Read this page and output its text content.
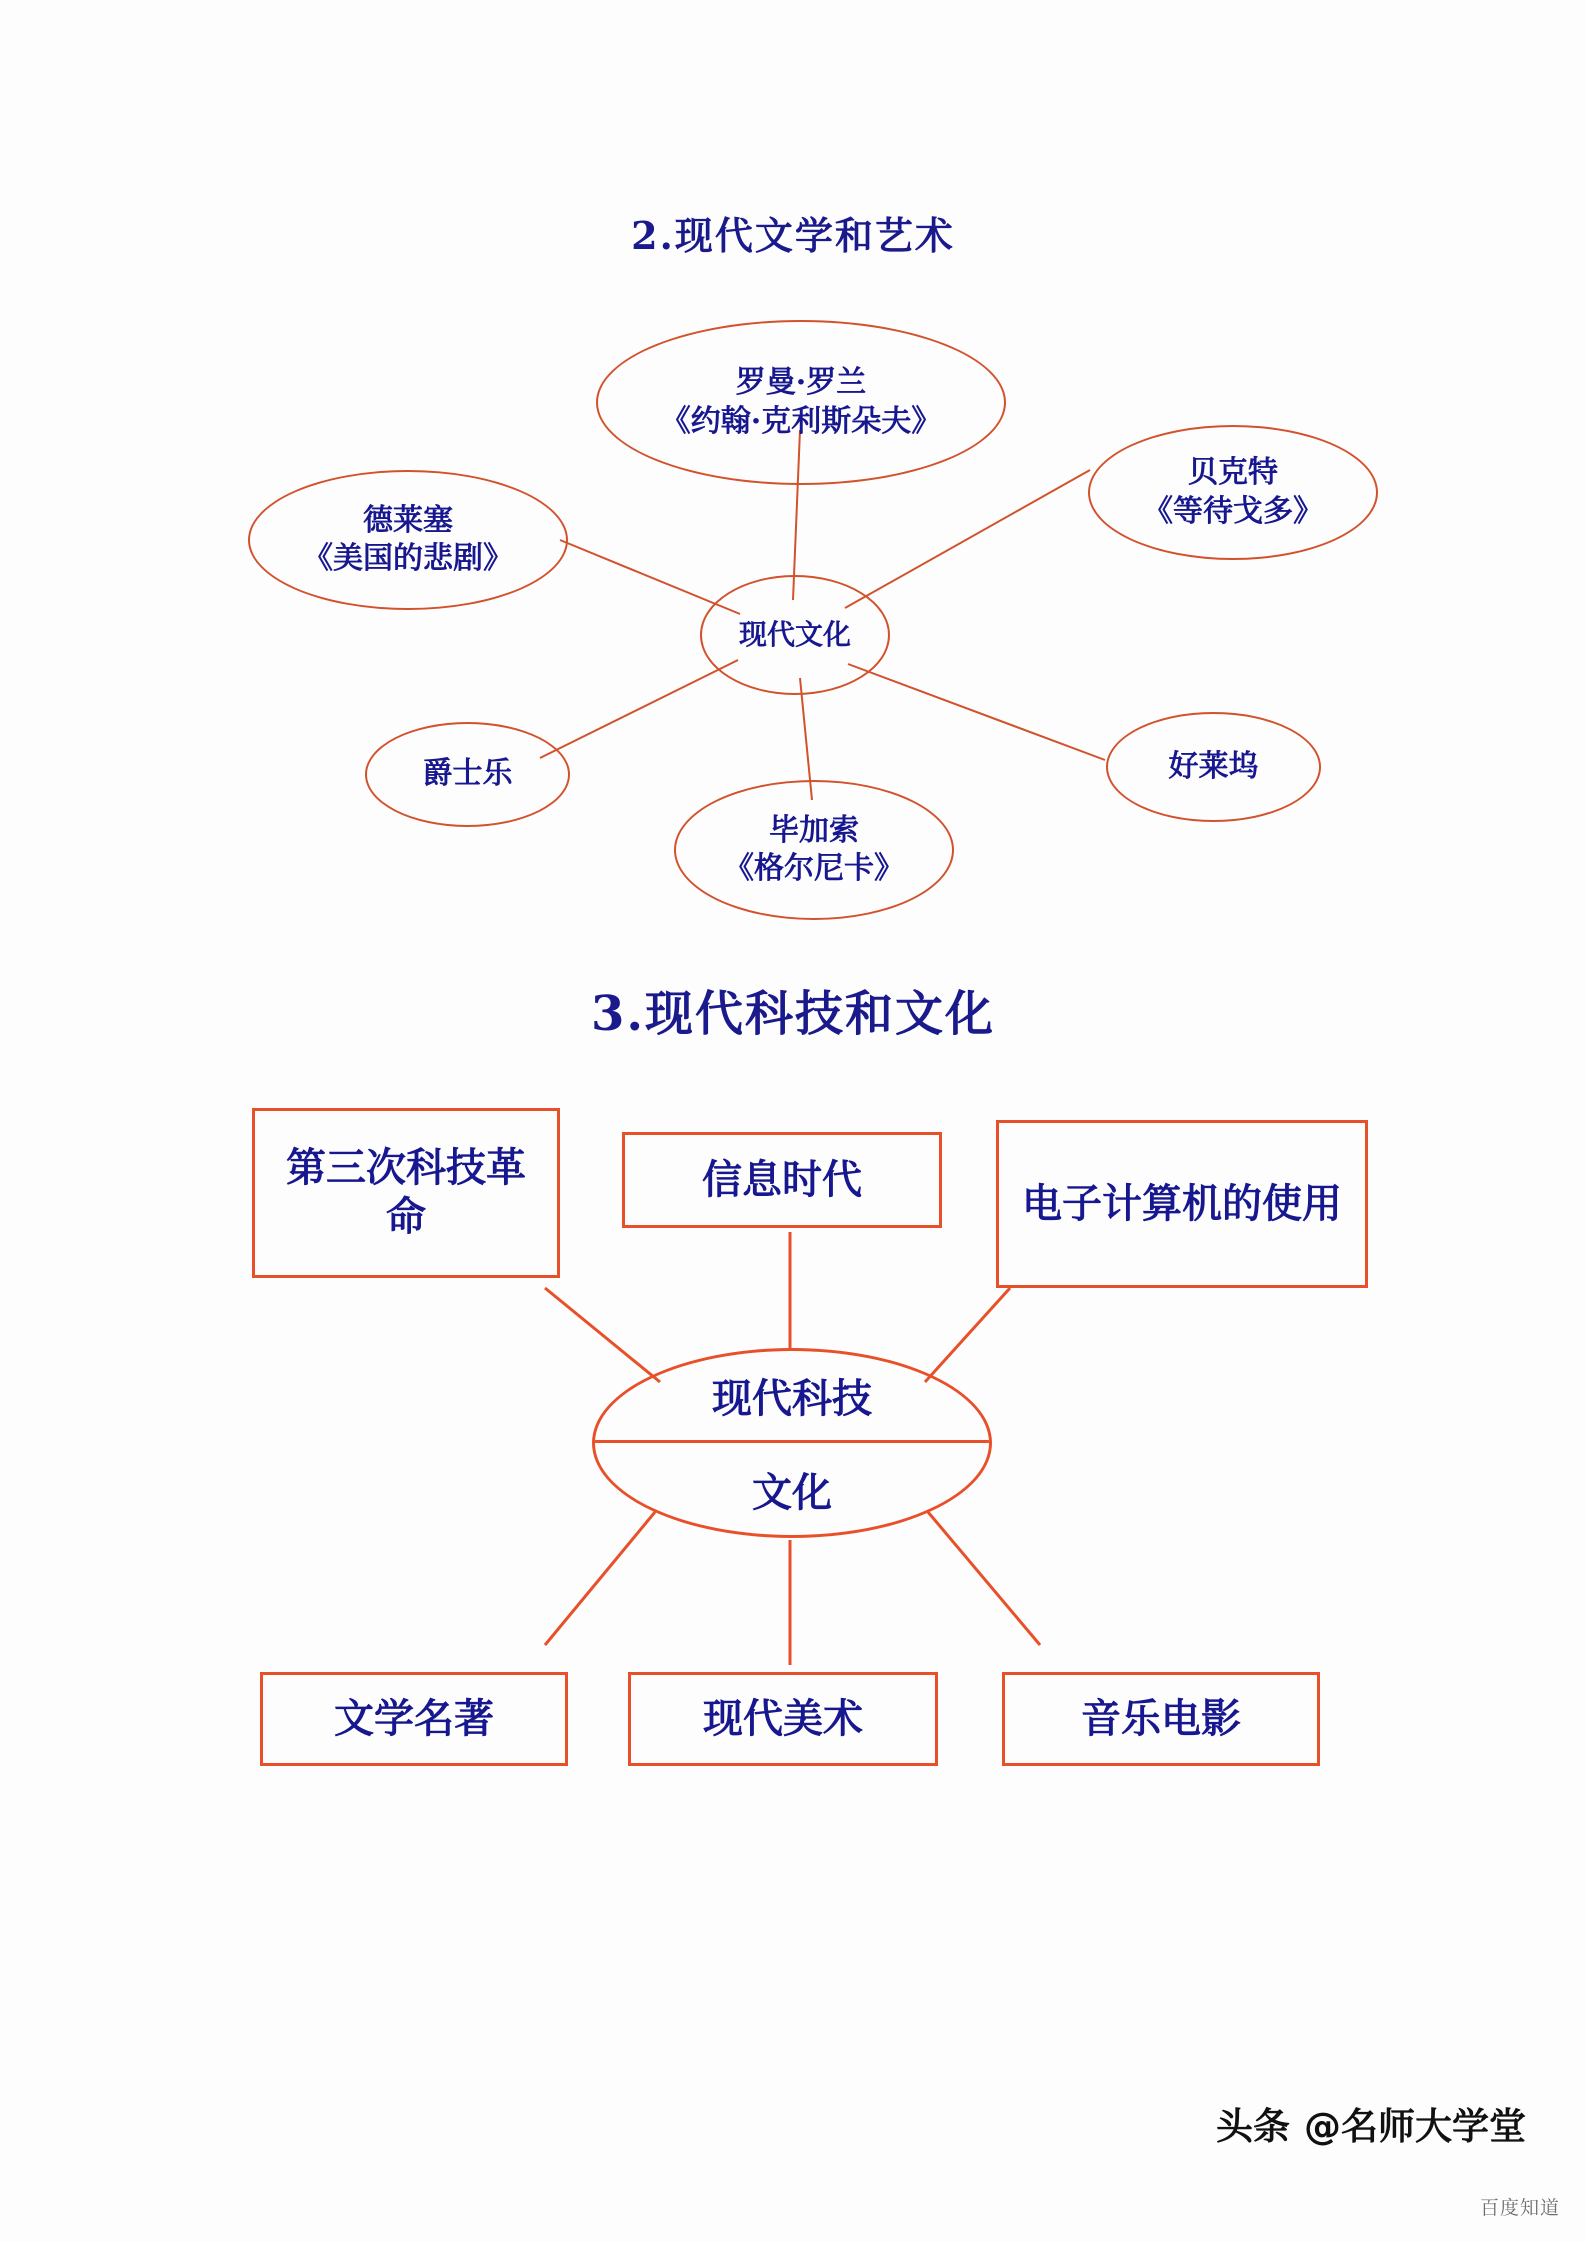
2.现代文学和艺术
罗曼·罗兰
《约翰·克利斯朵夫》
贝克特
《等待戈多》
德莱塞
《美国的悲剧》
现代文化
好莱坞
爵士乐
毕加索
《格尔尼卡》
3.现代科技和文化
第三次科技革命
信息时代
电子计算机的使用
现代科技
文化
文学名著	现代美术	音乐电影
头条 @名师大学堂
百度知道
